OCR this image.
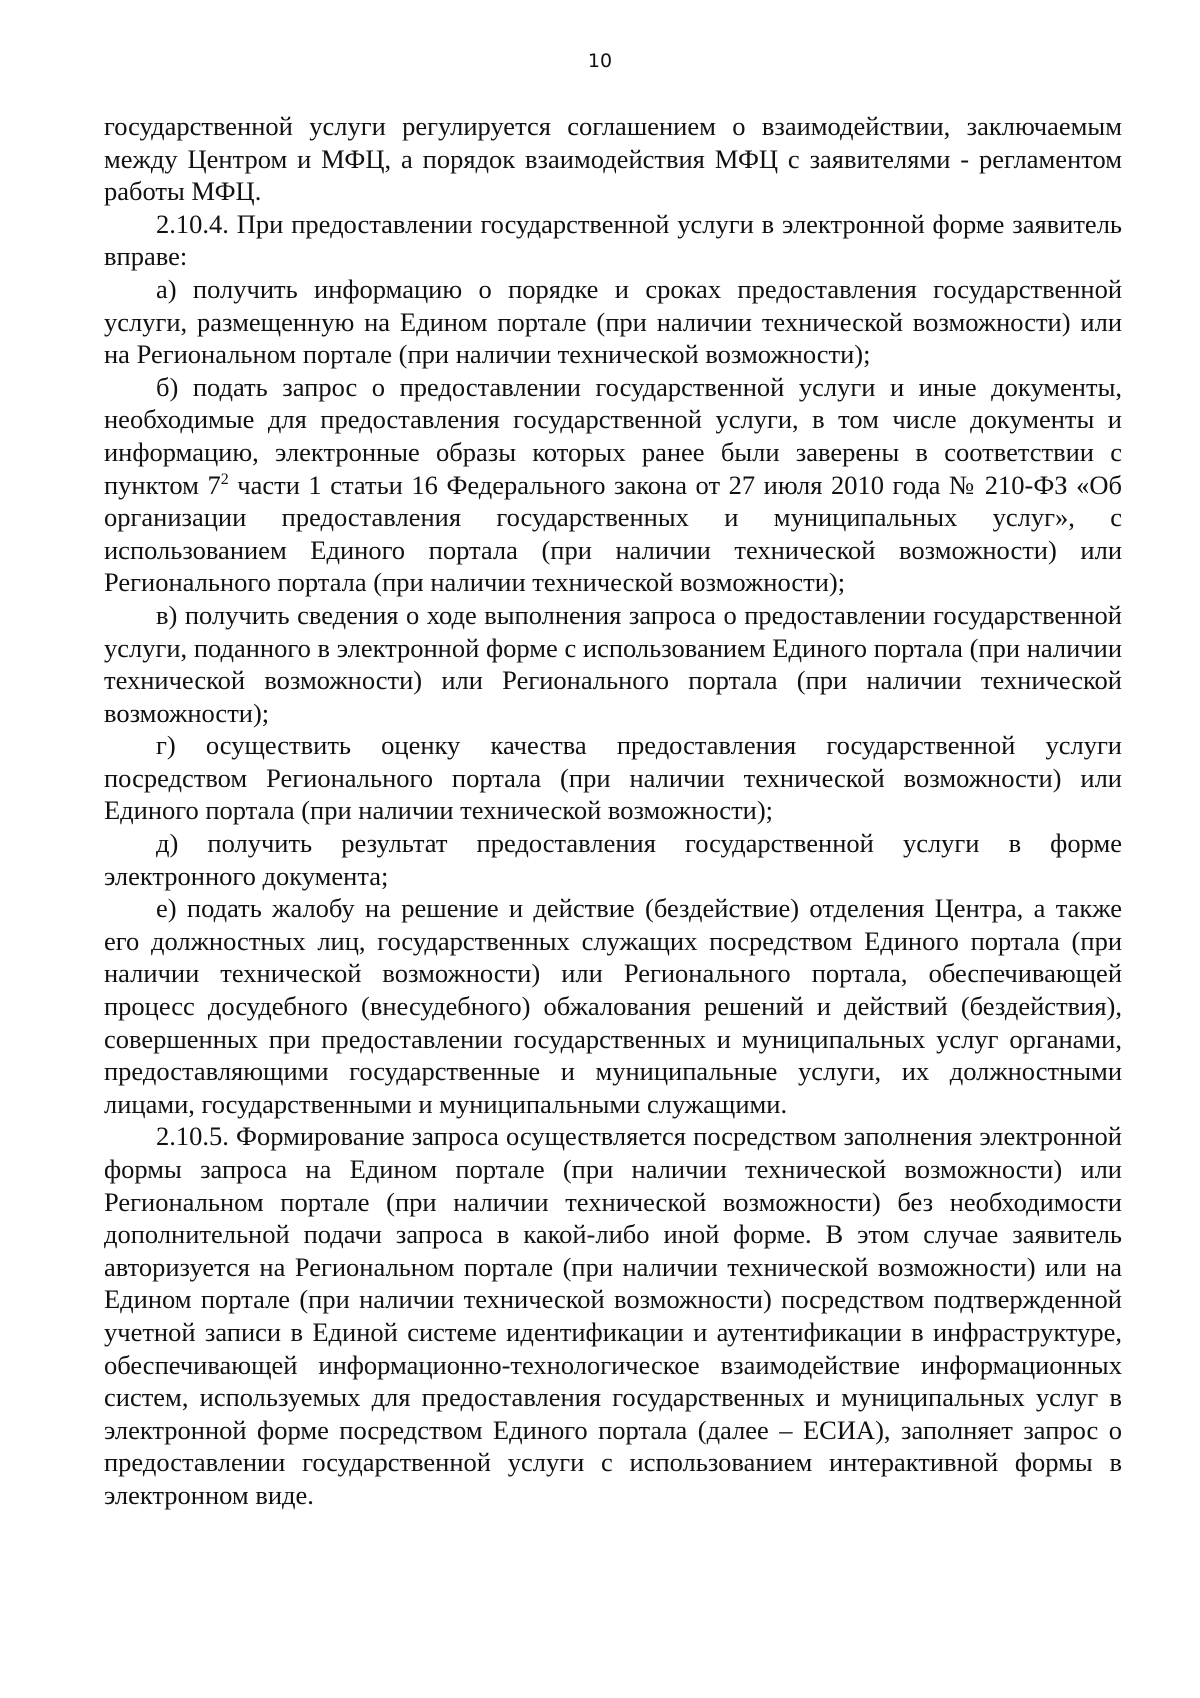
10

государственной услуги регулируется соглашением о взаимодействии, заключаемым между Центром и МФЦ, а порядок взаимодействия МФЦ с заявителями - регламентом работы МФЦ.

2.10.4. При предоставлении государственной услуги в электронной форме заявитель вправе:

а) получить информацию о порядке и сроках предоставления государственной услуги, размещенную на Едином портале (при наличии технической возможности) или на Региональном портале (при наличии технической возможности);

б) подать запрос о предоставлении государственной услуги и иные документы, необходимые для предоставления государственной услуги, в том числе документы и информацию, электронные образы которых ранее были заверены в соответствии с пунктом $7^2$ части 1 статьи 16 Федерального закона от 27 июля 2010 года № 210-ФЗ «Об организации предоставления государственных и муниципальных услуг», с использованием Единого портала (при наличии технической возможности) или Регионального портала (при наличии технической возможности);

в) получить сведения о ходе выполнения запроса о предоставлении государственной услуги, поданного в электронной форме с использованием Единого портала (при наличии технической возможности) или Регионального портала (при наличии технической возможности);

г) осуществить оценку качества предоставления государственной услуги посредством Регионального портала (при наличии технической возможности) или Единого портала (при наличии технической возможности);

д) получить результат предоставления государственной услуги в форме электронного документа;

е) подать жалобу на решение и действие (бездействие) отделения Центра, а также его должностных лиц, государственных служащих посредством Единого портала (при наличии технической возможности) или Регионального портала, обеспечивающей процесс досудебного (внесудебного) обжалования решений и действий (бездействия), совершенных при предоставлении государственных и муниципальных услуг органами, предоставляющими государственные и муниципальные услуги, их должностными лицами, государственными и муниципальными служащими.

2.10.5. Формирование запроса осуществляется посредством заполнения электронной формы запроса на Едином портале (при наличии технической возможности) или Региональном портале (при наличии технической возможности) без необходимости дополнительной подачи запроса в какой-либо иной форме. В этом случае заявитель авторизуется на Региональном портале (при наличии технической возможности) или на Едином портале (при наличии технической возможности) посредством подтвержденной учетной записи в Единой системе идентификации и аутентификации в инфраструктуре, обеспечивающей информационно-технологическое взаимодействие информационных систем, используемых для предоставления государственных и муниципальных услуг в электронной форме посредством Единого портала (далее – ЕСИА), заполняет запрос о предоставлении государственной услуги с использованием интерактивной формы в электронном виде.
